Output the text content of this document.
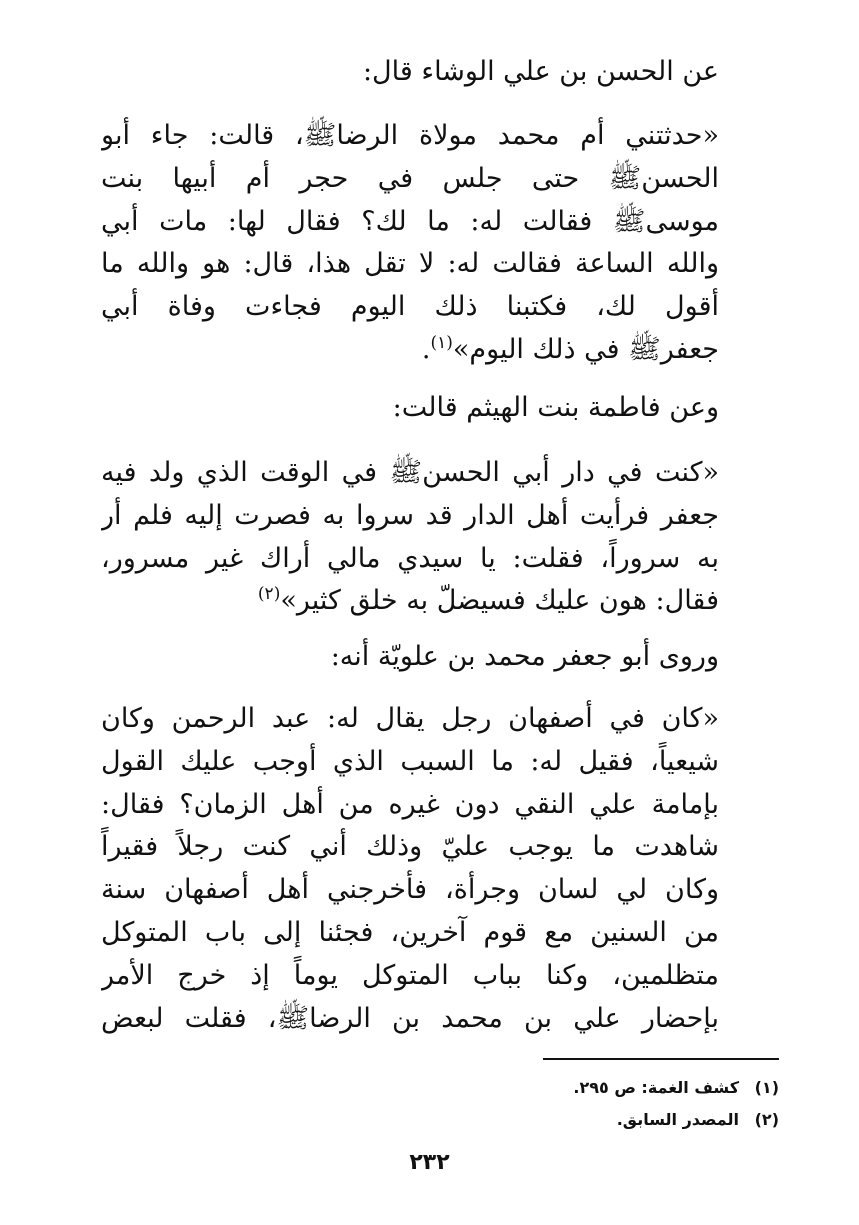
عن الحسن بن علي الوشاء قال:
«حدثتني أم محمد مولاة الرضاﷺ، قالت: جاء أبو
الحسنﷺ حتى جلس في حجر أم أبيها بنت
موسىﷺ فقالت له: ما لك؟ فقال لها: مات أبي
والله الساعة فقالت له: لا تقل هذا، قال: هو والله ما
أقول لك، فكتبنا ذلك اليوم فجاءت وفاة أبي
جعفرﷺ في ذلك اليوم»$^{(١)}$.
وعن فاطمة بنت الهيثم قالت:
«كنت في دار أبي الحسنﷺ في الوقت الذي ولد فيه
جعفر فرأيت أهل الدار قد سروا به فصرت إليه فلم أر
به سروراً، فقلت: يا سيدي مالي أراك غير مسرور،
فقال: هون عليك فسيضلّ به خلق كثير»$^{(٢)}$
وروى أبو جعفر محمد بن علويّة أنه:
«كان في أصفهان رجل يقال له: عبد الرحمن وكان
شيعياً، فقيل له: ما السبب الذي أوجب عليك القول
بإمامة علي النقي دون غيره من أهل الزمان؟ فقال:
شاهدت ما يوجب عليّ وذلك أني كنت رجلاً فقيراً
وكان لي لسان وجرأة، فأخرجني أهل أصفهان سنة
من السنين مع قوم آخرين، فجئنا إلى باب المتوكل
متظلمين، وكنا بباب المتوكل يوماً إذ خرج الأمر
بإحضار علي بن محمد بن الرضاﷺ، فقلت لبعض
(١)كشف الغمة: ص ٢٩٥.
(٢)المصدر السابق.
٢٣٢
